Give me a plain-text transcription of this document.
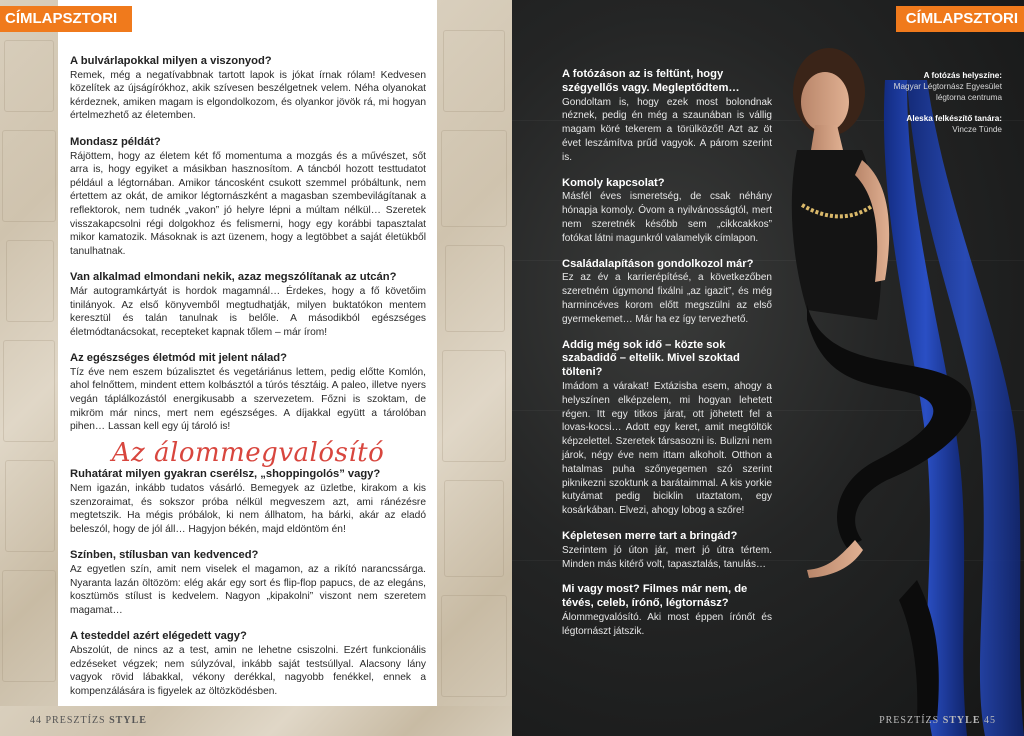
CÍMLAPSZTORI

A bulvárlapokkal milyen a viszonyod?

Remek, még a negatívabbnak tartott lapok is jókat írnak rólam! Kedvesen közelítek az újságírókhoz, akik szívesen beszélgetnek velem. Néha olyanokat kérdeznek, amiken magam is elgondolkozom, és olyankor jövök rá, mi hogyan értelmezhető az életemben.

Mondasz példát?

Rájöttem, hogy az életem két fő momentuma a mozgás és a művészet, sőt arra is, hogy egyiket a másikban hasznosítom. A táncból hozott testtudatot például a légtornában. Amikor táncosként csukott szemmel próbáltunk, nem értettem az okát, de amikor légtornászként a magasban szembevilágítanak a reflektorok, nem tudnék „vakon” jó helyre lépni a múltam nélkül… Szeretek visszakapcsolni régi dolgokhoz és felismerni, hogy egy korábbi tapasztalat mikor kamatozik. Másoknak is azt üzenem, hogy a legtöbbet a saját életükből tanulhatnak.

Van alkalmad elmondani nekik, azaz megszólítanak az utcán?

Már autogramkártyát is hordok magamnál… Érdekes, hogy a fő követőim tinilányok. Az első könyvemből megtudhatják, milyen buktatókon mentem keresztül és talán tanulnak is belőle. A másodikból egészséges életmódtanácsokat, recepteket kapnak tőlem – már írom!

Az egészséges életmód mit jelent nálad?

Tíz éve nem eszem búzalisztet és vegetáriánus lettem, pedig előtte Komlón, ahol felnőttem, mindent ettem kolbásztól a túrós tésztáig. A paleo, illetve nyers vegán táplálkozástól energikusabb a szervezetem. Főzni is szoktam, de mikröm már nincs, mert nem egészséges. A díjakkal együtt a tárolóban pihen… Lassan kell egy új tároló is!

Az álommegvalósító

Ruhatárat milyen gyakran cserélsz, „shoppingolós” vagy?

Nem igazán, inkább tudatos vásárló. Bemegyek az üzletbe, kirakom a kis szenzoraimat, és sokszor próba nélkül megveszem azt, ami ránézésre megtetszik. Ha mégis próbálok, ki nem állhatom, ha bárki, akár az eladó beleszól, hogy de jól áll… Hagyjon békén, majd eldöntöm én!

Színben, stílusban van kedvenced?

Az egyetlen szín, amit nem viselek el magamon, az a rikító narancssárga. Nyaranta lazán öltözöm: elég akár egy sort és flip-flop papucs, de az elegáns, kosztümös stílust is kedvelem. Nagyon „kipakolni” viszont nem szeretem magamat…

A testeddel azért elégedett vagy?

Abszolút, de nincs az a test, amin ne lehetne csiszolni. Ezért funkcionális edzéseket végzek; nem súlyzóval, inkább saját testsúllyal. Alacsony lány vagyok rövid lábakkal, vékony derékkal, nagyobb fenékkel, ennek a kompenzálására is figyelek az öltözködésben.

44 PRESZTÍZS STYLE
CÍMLAPSZTORI

A fotózáson az is feltűnt, hogy szégyellős vagy. Megleptődtem…

Gondoltam is, hogy ezek most bolondnak néznek, pedig én még a szaunában is vállig magam köré tekerem a törülközőt! Azt az öt évet leszámítva prűd vagyok. A párom szerint is.

Komoly kapcsolat?

Másfél éves ismeretség, de csak néhány hónapja komoly. Óvom a nyilvánosságtól, mert nem szeretnék később sem „cikkcakkos” fotókat látni magunkról valamelyik címlapon.

Családalapításon gondolkozol már?

Ez az év a karrierépítésé, a következőben szeretném úgymond fixálni „az igazit”, és még harmincéves korom előtt megszülni az első gyermekemet… Már ha ez így tervezhető.

Addig még sok idő – közte sok szabadidő – eltelik. Mivel szoktad tölteni?

Imádom a várakat! Extázisba esem, ahogy a helyszínen elképzelem, mi hogyan lehetett régen. Itt egy titkos járat, ott jöhetett fel a lovas-kocsi… Adott egy keret, amit megtöltök képzelettel. Szeretek társasozni is. Bulizni nem járok, négy éve nem ittam alkoholt. Otthon a hatalmas puha szőnyegemen szó szerint piknikezni szoktunk a barátaimmal. A kis yorkie kutyámat pedig biciklin utaztatom, egy kosárkában. Elvezi, ahogy lobog a szőre!

Képletesen merre tart a bringád?

Szerintem jó úton jár, mert jó útra tértem. Minden más kitérő volt, tapasztalás, tanulás…

Mi vagy most? Filmes már nem, de tévés, celeb, írónő, légtornász?

Álommegvalósító. Aki most éppen írónőt és légtornászt játszik.

A fotózás helyszíne:
Magyar Légtornász Egyesület
légtorna centruma
Aleska felkészítő tanára:
Vincze Tünde
PRESZTÍZS STYLE 45
